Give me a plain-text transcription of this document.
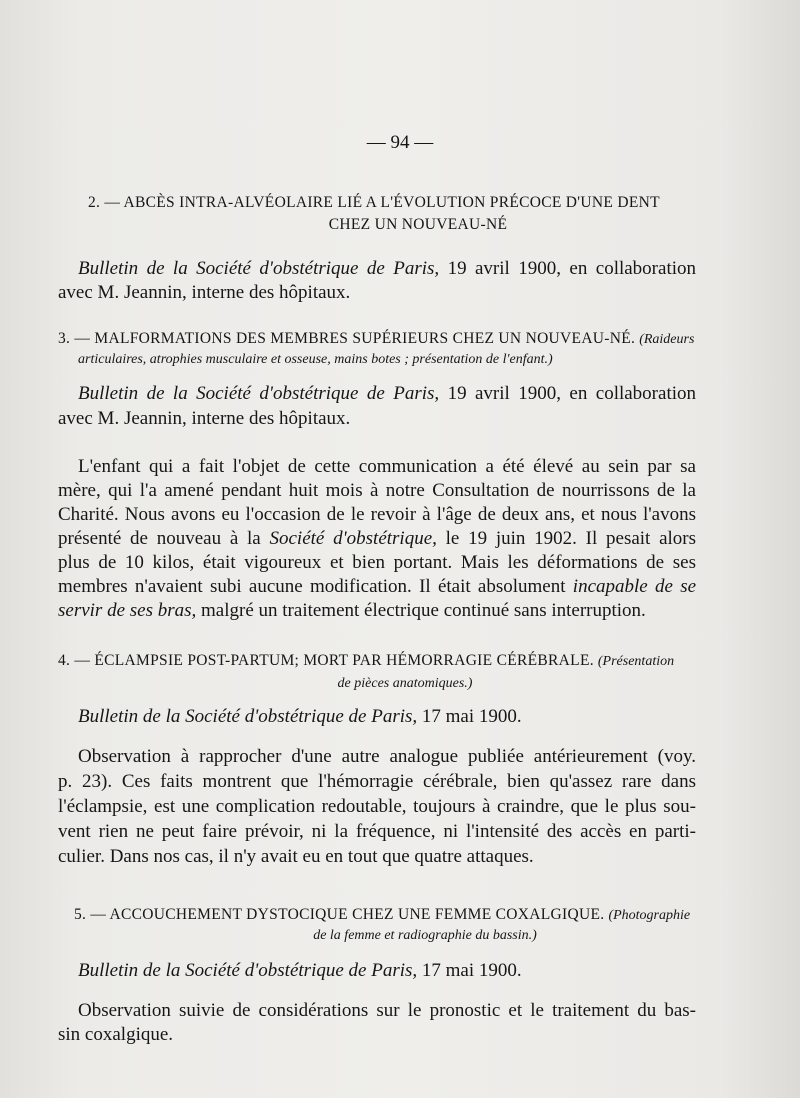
— 94 —
2. — ABCÈS INTRA-ALVÉOLAIRE LIÉ A L'ÉVOLUTION PRÉCOCE D'UNE DENT
CHEZ UN NOUVEAU-NÉ
Bulletin de la Société d'obstétrique de Paris, 19 avril 1900, en collaboration
avec M. Jeannin, interne des hôpitaux.
3. — MALFORMATIONS DES MEMBRES SUPÉRIEURS CHEZ UN NOUVEAU-NÉ. (Raideurs
articulaires, atrophies musculaire et osseuse, mains botes ; présentation de l'enfant.)
Bulletin de la Société d'obstétrique de Paris, 19 avril 1900, en collaboration
avec M. Jeannin, interne des hôpitaux.
L'enfant qui a fait l'objet de cette communication a été élevé au sein par sa
mère, qui l'a amené pendant huit mois à notre Consultation de nourrissons de la
Charité. Nous avons eu l'occasion de le revoir à l'âge de deux ans, et nous l'avons
présenté de nouveau à la Société d'obstétrique, le 19 juin 1902. Il pesait alors
plus de 10 kilos, était vigoureux et bien portant. Mais les déformations de ses
membres n'avaient subi aucune modification. Il était absolument incapable de se
servir de ses bras, malgré un traitement électrique continué sans interruption.
4. — ÉCLAMPSIE POST-PARTUM; MORT PAR HÉMORRAGIE CÉRÉBRALE. (Présentation
de pièces anatomiques.)
Bulletin de la Société d'obstétrique de Paris, 17 mai 1900.
Observation à rapprocher d'une autre analogue publiée antérieurement (voy.
p. 23). Ces faits montrent que l'hémorragie cérébrale, bien qu'assez rare dans
l'éclampsie, est une complication redoutable, toujours à craindre, que le plus sou-
vent rien ne peut faire prévoir, ni la fréquence, ni l'intensité des accès en parti-
culier. Dans nos cas, il n'y avait eu en tout que quatre attaques.
5. — ACCOUCHEMENT DYSTOCIQUE CHEZ UNE FEMME COXALGIQUE. (Photographie
de la femme et radiographie du bassin.)
Bulletin de la Société d'obstétrique de Paris, 17 mai 1900.
Observation suivie de considérations sur le pronostic et le traitement du bas-
sin coxalgique.
